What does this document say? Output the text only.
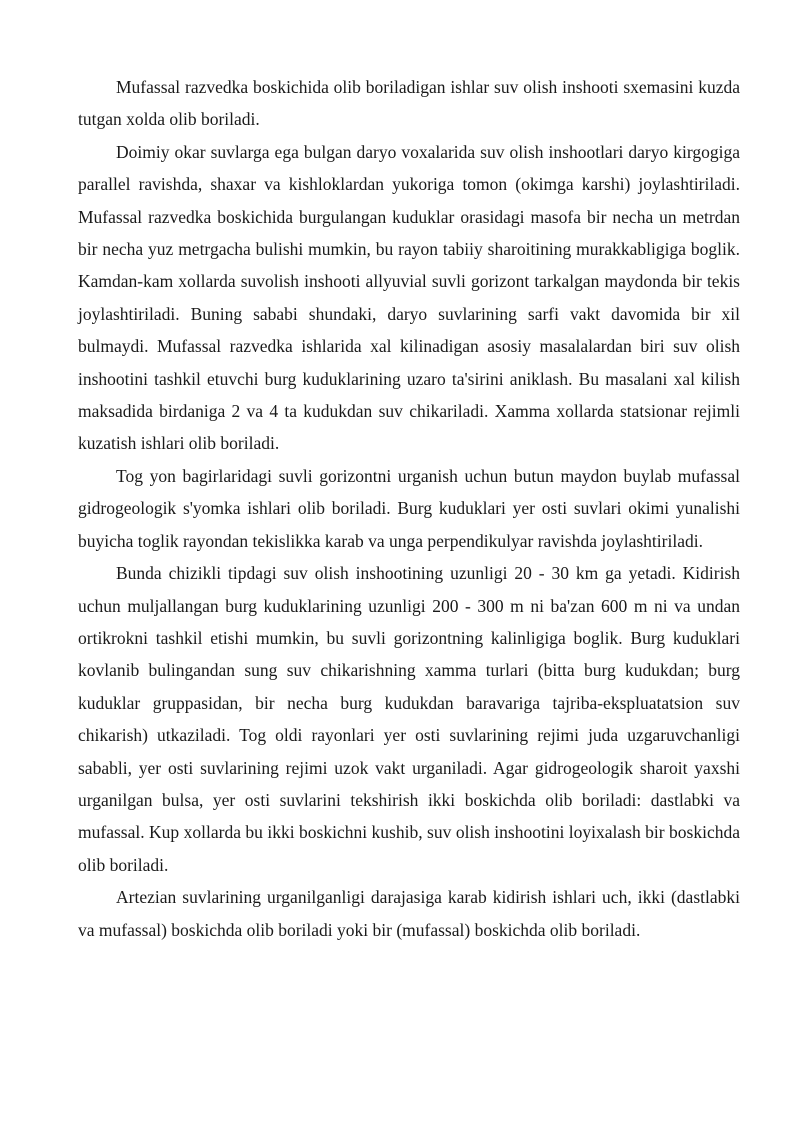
Mufassal razvedka boskichida olib boriladigan ishlar suv olish inshooti sxemasini kuzda tutgan xolda olib boriladi.

Doimiy okar suvlarga ega bulgan daryo voxalarida suv olish inshootlari daryo kirgogiga parallel ravishda, shaxar va kishloklardan yukoriga tomon (okimga karshi) joylashtiriladi. Mufassal razvedka boskichida burgulangan kuduklar orasidagi masofa bir necha un metrdan bir necha yuz metrgacha bulishi mumkin, bu rayon tabiiy sharoitining murakkabligiga boglik. Kamdan-kam xollarda suvolish inshooti allyuvial suvli gorizont tarkalgan maydonda bir tekis joylashtiriladi. Buning sababi shundaki, daryo suvlarining sarfi vakt davomida bir xil bulmaydi. Mufassal razvedka ishlarida xal kilinadigan asosiy masalalardan biri suv olish inshootini tashkil etuvchi burg kuduklarining uzaro ta'sirini aniklash. Bu masalani xal kilish maksadida birdaniga 2 va 4 ta kudukdan suv chikariladi. Xamma xollarda statsionar rejimli kuzatish ishlari olib boriladi.

Tog yon bagirlaridagi suvli gorizontni urganish uchun butun maydon buylab mufassal gidrogeologik s'yomka ishlari olib boriladi. Burg kuduklari yer osti suvlari okimi yunalishi buyicha toglik rayondan tekislikka karab va unga perpendikulyar ravishda joylashtiriladi.

Bunda chizikli tipdagi suv olish inshootining uzunligi 20 - 30 km ga yetadi. Kidirish uchun muljallangan burg kuduklarining uzunligi 200 - 300 m ni ba'zan 600 m ni va undan ortikrokni tashkil etishi mumkin, bu suvli gorizontning kalinligiga boglik. Burg kuduklari kovlanib bulingandan sung suv chikarishning xamma turlari (bitta burg kudukdan; burg kuduklar gruppasidan, bir necha burg kudukdan baravariga tajriba-ekspluatatsion suv chikarish) utkaziladi. Tog oldi rayonlari yer osti suvlarining rejimi juda uzgaruvchanligi sababli, yer osti suvlarining rejimi uzok vakt urganiladi. Agar gidrogeologik sharoit yaxshi urganilgan bulsa, yer osti suvlarini tekshirish ikki boskichda olib boriladi: dastlabki va mufassal. Kup xollarda bu ikki boskichni kushib, suv olish inshootini loyixalash bir boskichda olib boriladi.

Artezian suvlarining urganilganligi darajasiga karab kidirish ishlari uch, ikki (dastlabki va mufassal) boskichda olib boriladi yoki bir (mufassal) boskichda olib boriladi.
